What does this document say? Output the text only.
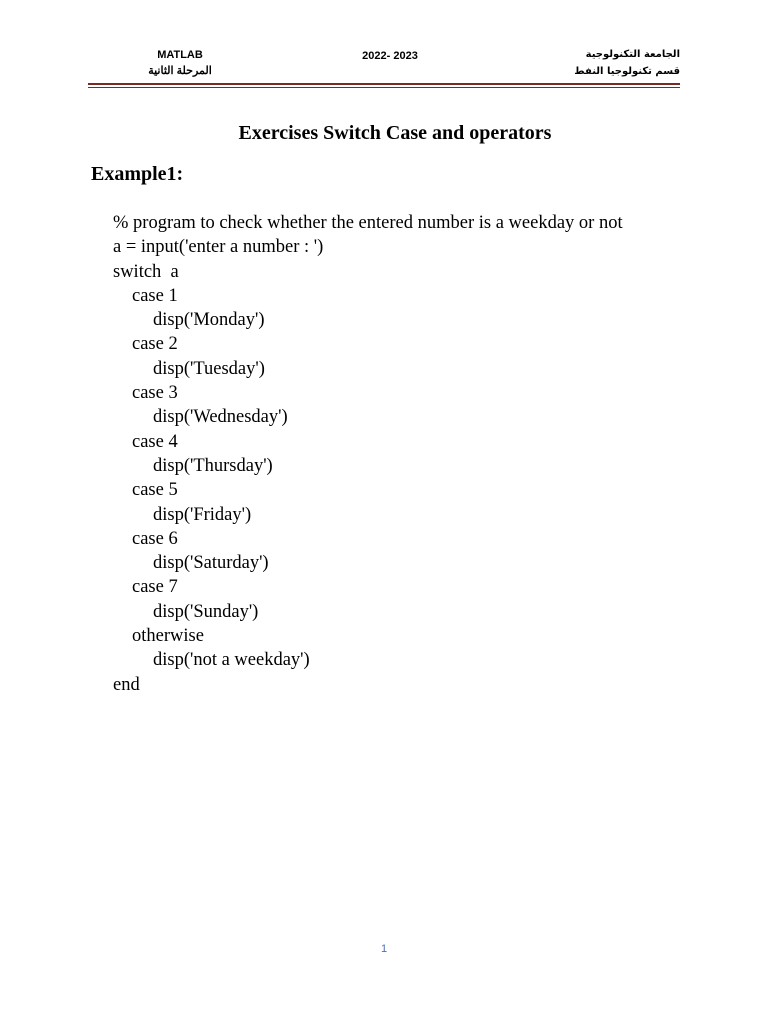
MATLAB
المرحلة الثانية
2022- 2023	الجامعة التكنولوجية
قسم تكنولوجيا النفط
Exercises Switch Case and operators
Example1:
% program to check whether the entered number is a weekday or not
a = input('enter a number : ')
switch  a
case 1
disp('Monday')
case 2
disp('Tuesday')
case 3
disp('Wednesday')
case 4
disp('Thursday')
case 5
disp('Friday')
case 6
disp('Saturday')
case 7
disp('Sunday')
otherwise
disp('not a weekday')
end
1
